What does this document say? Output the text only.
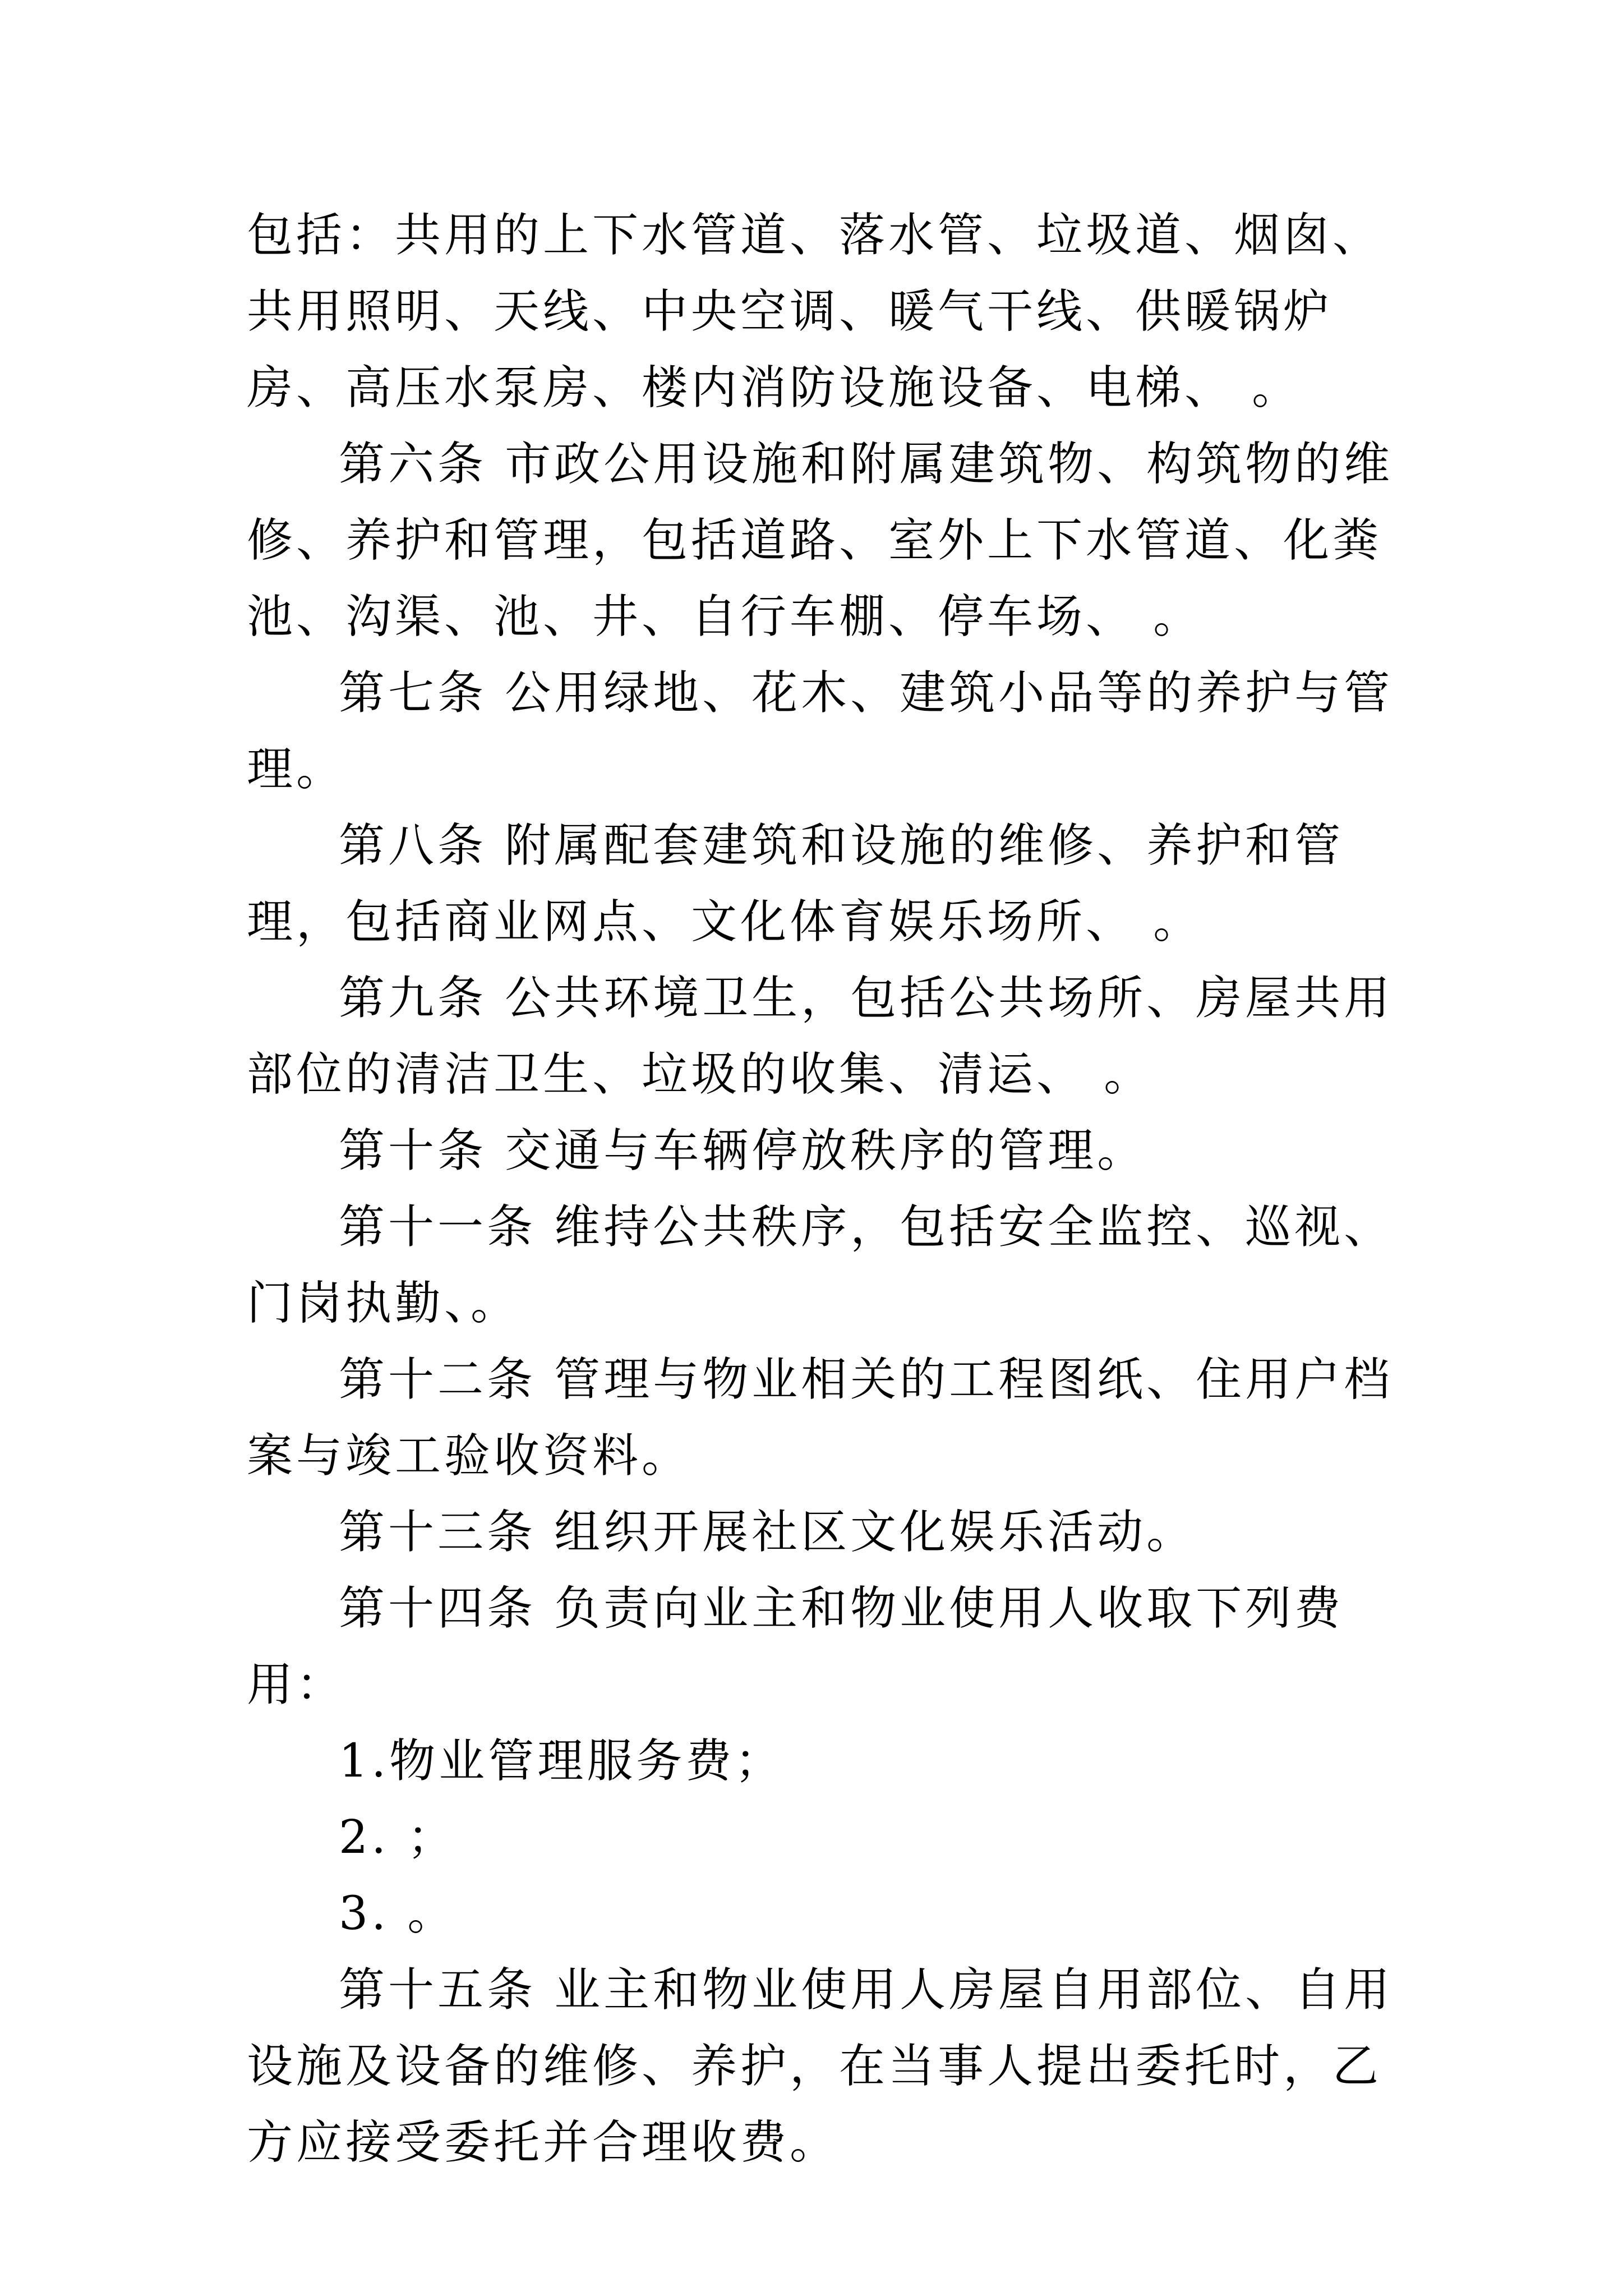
包括：共用的上下水管道、落水管、垃圾道、烟囱、共用照明、天线、中央空调、暖气干线、供暖锅炉房、高压水泵房、楼内消防设施设备、电梯、 。

第六条 市政公用设施和附属建筑物、构筑物的维修、养护和管理，包括道路、室外上下水管道、化粪池、沟渠、池、井、自行车棚、停车场、 。

第七条 公用绿地、花木、建筑小品等的养护与管理。

第八条 附属配套建筑和设施的维修、养护和管理，包括商业网点、文化体育娱乐场所、 。

第九条 公共环境卫生，包括公共场所、房屋共用部位的清洁卫生、垃圾的收集、清运、 。

第十条 交通与车辆停放秩序的管理。

第十一条 维持公共秩序，包括安全监控、巡视、门岗执勤、。

第十二条 管理与物业相关的工程图纸、住用户档案与竣工验收资料。

第十三条 组织开展社区文化娱乐活动。

第十四条 负责向业主和物业使用人收取下列费用：

1.物业管理服务费；

2. ；

3. 。

第十五条 业主和物业使用人房屋自用部位、自用设施及设备的维修、养护，在当事人提出委托时，乙方应接受委托并合理收费。
